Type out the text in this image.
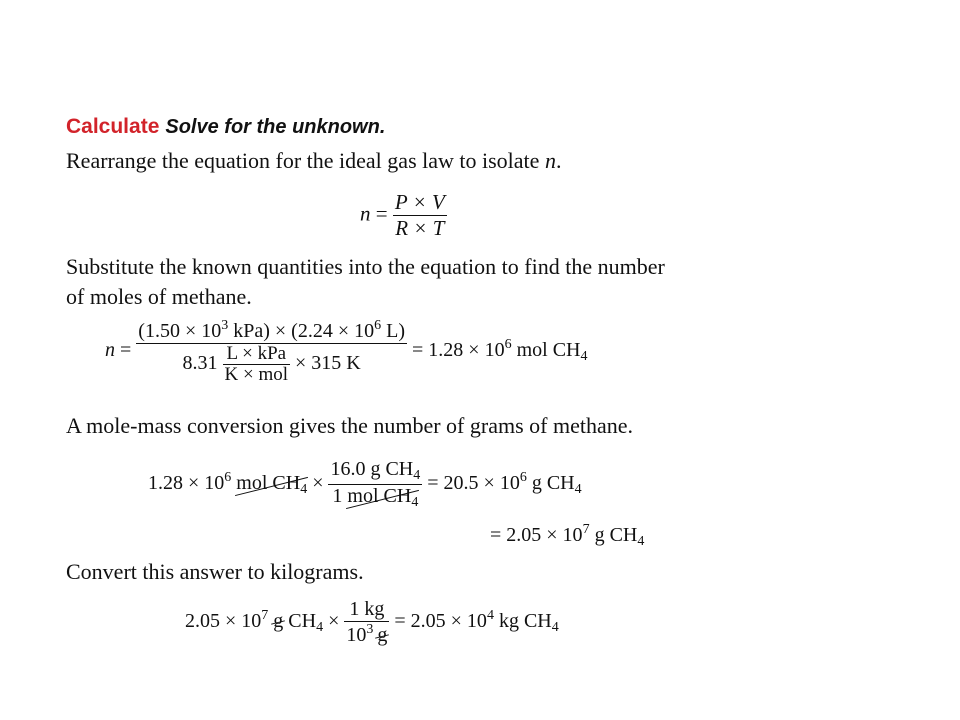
Calculate Solve for the unknown.
Rearrange the equation for the ideal gas law to isolate n.
$n = \frac{P \times V}{R \times T}$
Substitute the known quantities into the equation to find the number
of moles of methane.
n =
($1.50 \times 10^3$ $kPa) \times (2.24 \times 10^6$ L)
$8.31 \frac{\text{L × kPa}}{\text{K × mol}} \times 315$ K
= $1.28 \times 10^6$ mol $CH_4$
A mole-mass conversion gives the number of grams of methane.
$1.28 \times 10^6$ mol $CH_4 \times \frac{16.0 g CH_4}{1 mol CH_4} = 20.5 \times 10^6$ g $CH_4$
= $2.05 \times 10^7$ g $CH_4$
Convert this answer to kilograms.
$2.05 \times 10^7$ g $CH_4 \times \frac{1 kg}{10^3 g} = 2.05 \times 10^4$ kg $CH_4$
